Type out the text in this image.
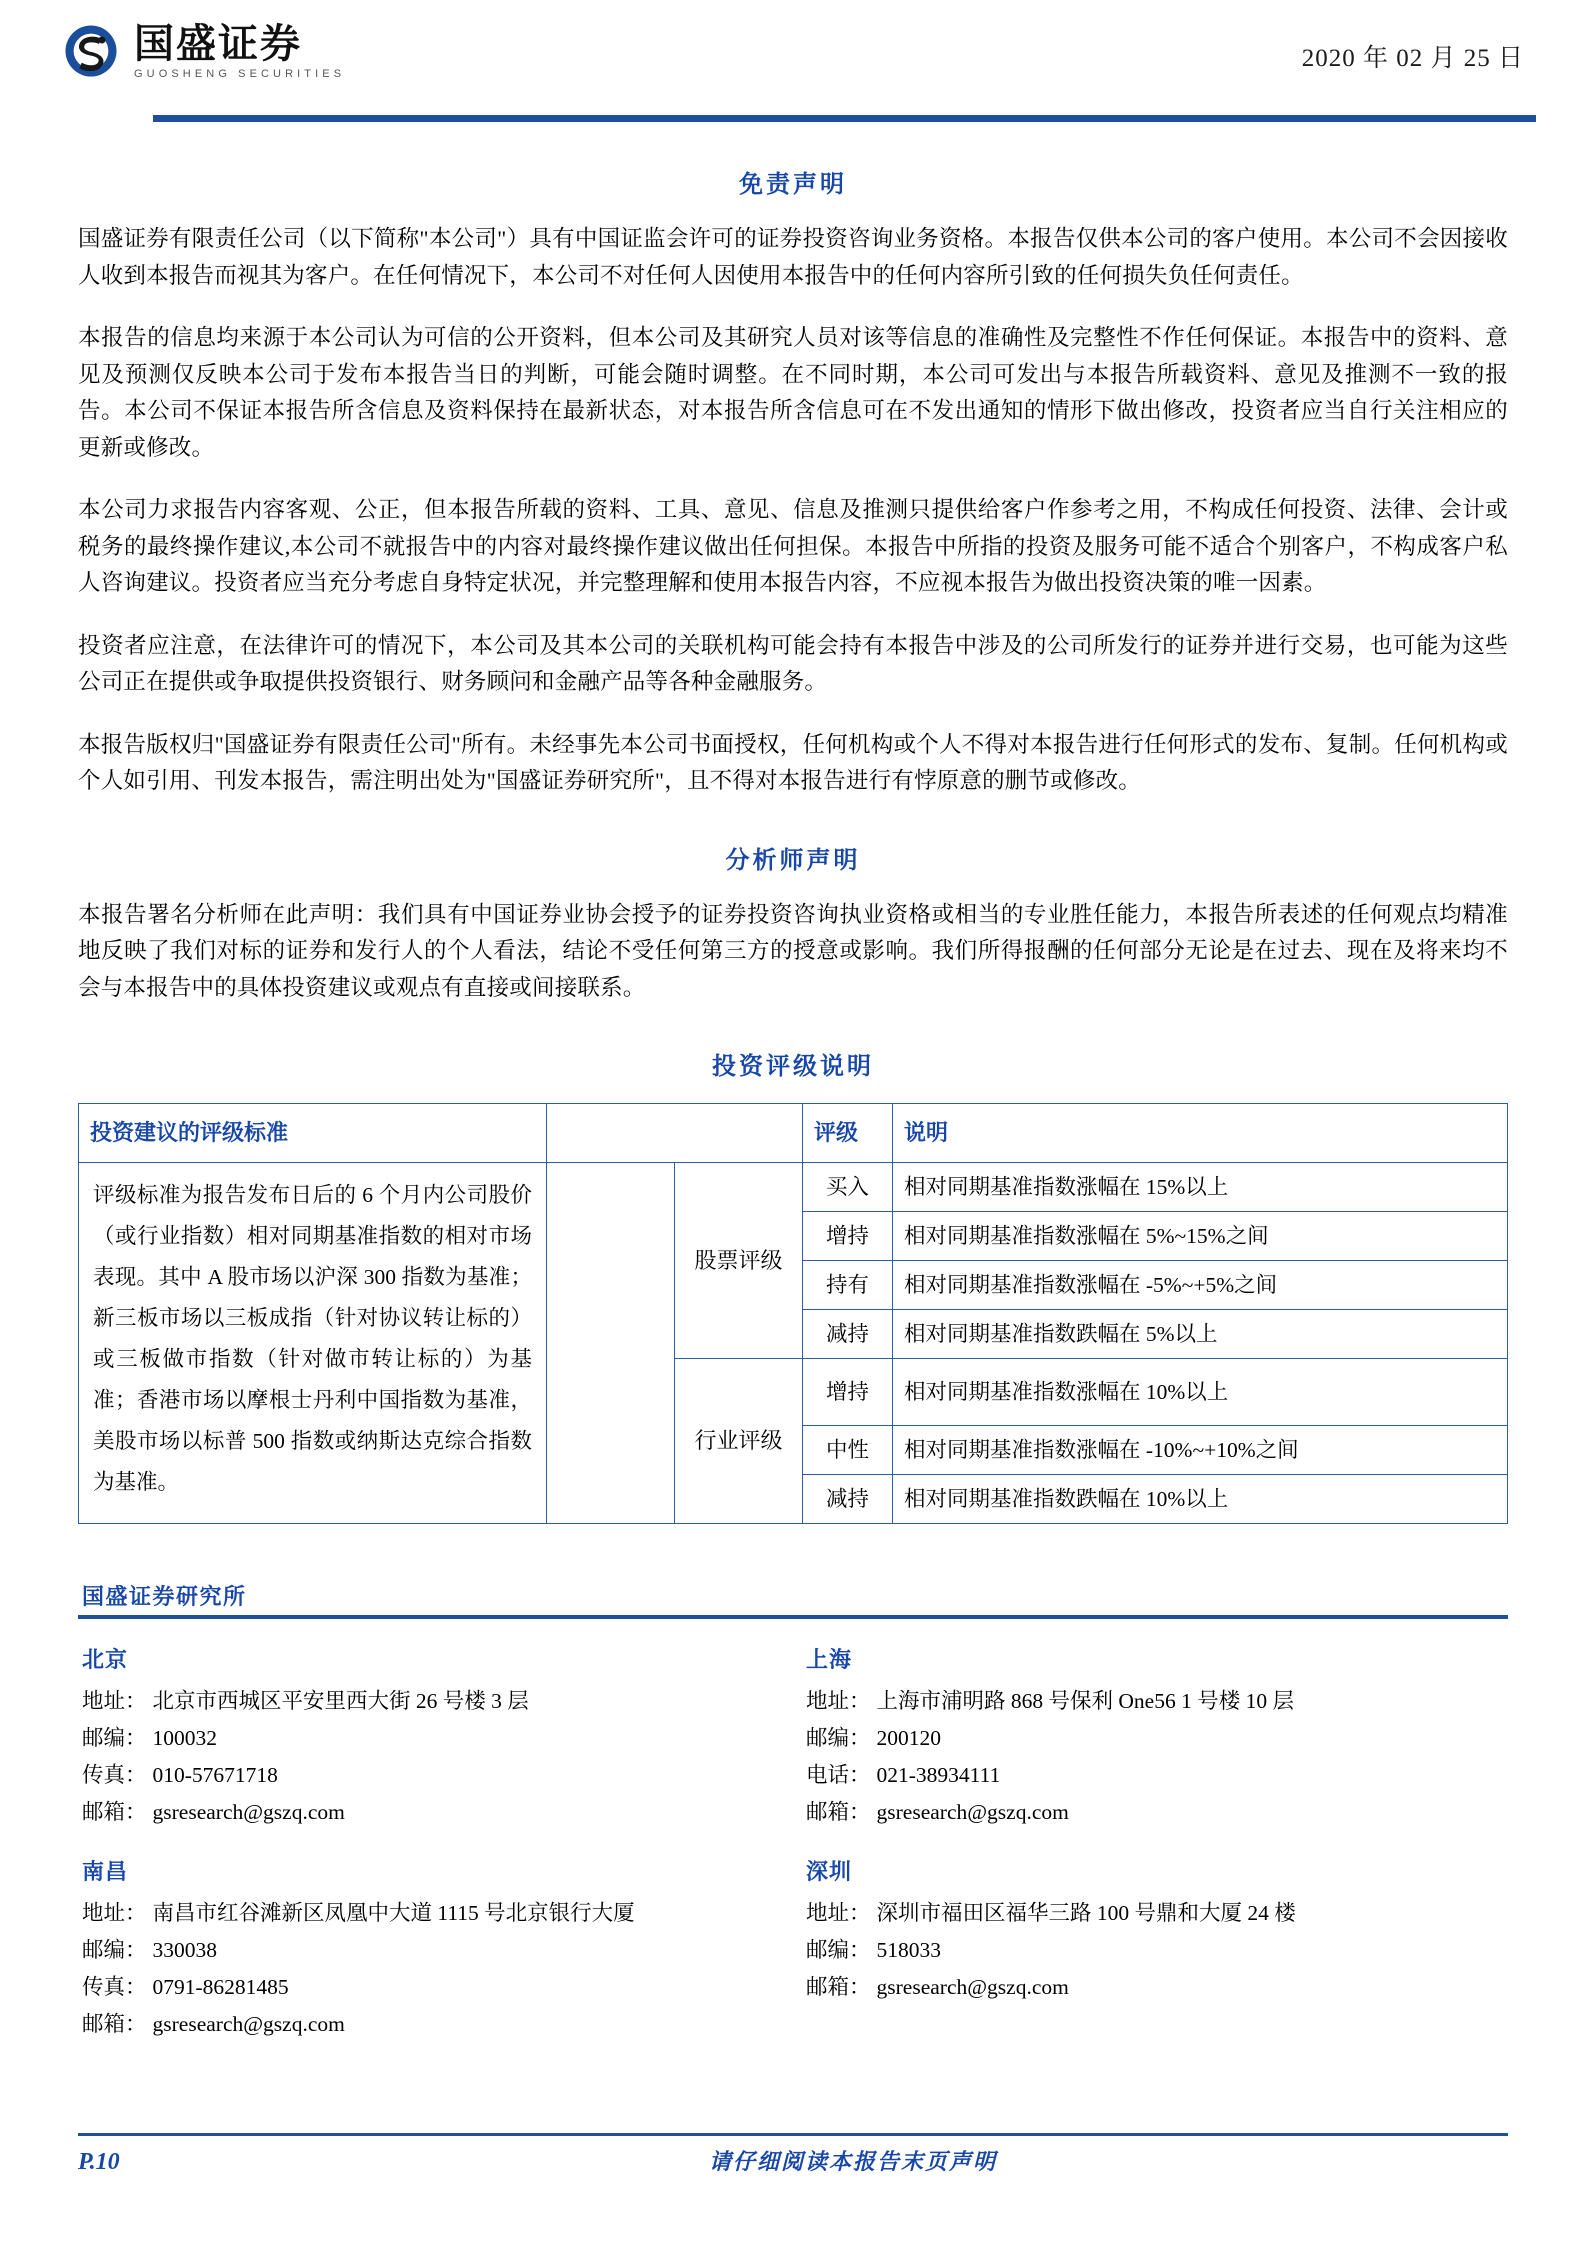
国盛证券
GUOSHENG SECURITIES
2020 年 02 月 25 日
免责声明

国盛证券有限责任公司（以下简称"本公司"）具有中国证监会许可的证券投资咨询业务资格。本报告仅供本公司的客户使用。本公司不会因接收人收到本报告而视其为客户。在任何情况下，本公司不对任何人因使用本报告中的任何内容所引致的任何损失负任何责任。

本报告的信息均来源于本公司认为可信的公开资料，但本公司及其研究人员对该等信息的准确性及完整性不作任何保证。本报告中的资料、意见及预测仅反映本公司于发布本报告当日的判断，可能会随时调整。在不同时期，本公司可发出与本报告所载资料、意见及推测不一致的报告。本公司不保证本报告所含信息及资料保持在最新状态，对本报告所含信息可在不发出通知的情形下做出修改，投资者应当自行关注相应的更新或修改。

本公司力求报告内容客观、公正，但本报告所载的资料、工具、意见、信息及推测只提供给客户作参考之用，不构成任何投资、法律、会计或税务的最终操作建议,本公司不就报告中的内容对最终操作建议做出任何担保。本报告中所指的投资及服务可能不适合个别客户，不构成客户私人咨询建议。投资者应当充分考虑自身特定状况，并完整理解和使用本报告内容，不应视本报告为做出投资决策的唯一因素。

投资者应注意，在法律许可的情况下，本公司及其本公司的关联机构可能会持有本报告中涉及的公司所发行的证券并进行交易，也可能为这些公司正在提供或争取提供投资银行、财务顾问和金融产品等各种金融服务。

本报告版权归"国盛证券有限责任公司"所有。未经事先本公司书面授权，任何机构或个人不得对本报告进行任何形式的发布、复制。任何机构或个人如引用、刊发本报告，需注明出处为"国盛证券研究所"，且不得对本报告进行有悖原意的删节或修改。

分析师声明

本报告署名分析师在此声明：我们具有中国证券业协会授予的证券投资咨询执业资格或相当的专业胜任能力，本报告所表述的任何观点均精准地反映了我们对标的证券和发行人的个人看法，结论不受任何第三方的授意或影响。我们所得报酬的任何部分无论是在过去、现在及将来均不会与本报告中的具体投资建议或观点有直接或间接联系。

投资评级说明
投资建议的评级标准			评级	说明
评级标准为报告发布日后的 6 个月内公司股价（或行业指数）相对同期基准指数的相对市场表现。其中 A 股市场以沪深 300 指数为基准；新三板市场以三板成指（针对协议转让标的）或三板做市指数（针对做市转让标的）为基准；香港市场以摩根士丹利中国指数为基准，美股市场以标普 500 指数或纳斯达克综合指数为基准。		股票评级	买入	相对同期基准指数涨幅在 15%以上
			增持	相对同期基准指数涨幅在 5%~15%之间
			持有	相对同期基准指数涨幅在 -5%~+5%之间
			减持	相对同期基准指数跌幅在 5%以上
		行业评级	增持	相对同期基准指数涨幅在 10%以上
			中性	相对同期基准指数涨幅在 -10%~+10%之间
			减持	相对同期基准指数跌幅在 10%以上
国盛证券研究所
北京
地址： 北京市西城区平安里西大街 26 号楼 3 层
邮编： 100032
传真： 010-57671718
邮箱： gsresearch@gszq.com
上海
地址： 上海市浦明路 868 号保利 One56 1 号楼 10 层
邮编： 200120
电话： 021-38934111
邮箱： gsresearch@gszq.com
南昌
地址： 南昌市红谷滩新区凤凰中大道 1115 号北京银行大厦
邮编： 330038
传真： 0791-86281485
邮箱： gsresearch@gszq.com
深圳
地址： 深圳市福田区福华三路 100 号鼎和大厦 24 楼
邮编： 518033
邮箱： gsresearch@gszq.com
P.10	请仔细阅读本报告末页声明
